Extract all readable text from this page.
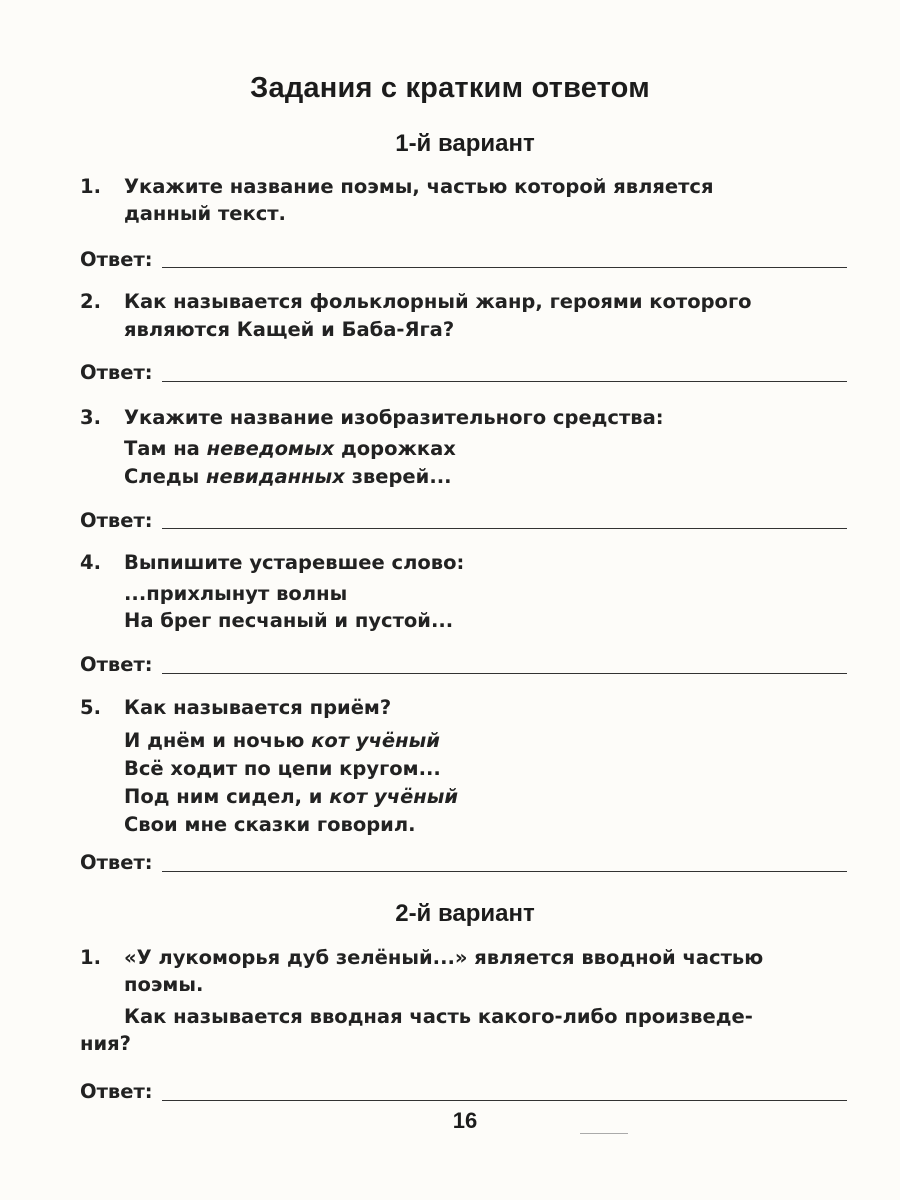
Задания с кратким ответом
1-й вариант
1. Укажите название поэмы, частью которой является
данный текст.
Ответ:
2. Как называется фольклорный жанр, героями которого
являются Кащей и Баба-Яга?
Ответ:
3. Укажите название изобразительного средства:
Там на неведомых дорожках
Следы невиданных зверей...
Ответ:
4. Выпишите устаревшее слово:
...прихлынут волны
На брег песчаный и пустой...
Ответ:
5. Как называется приём?
И днём и ночью кот учёный
Всё ходит по цепи кругом...
Под ним сидел, и кот учёный
Свои мне сказки говорил.
Ответ:
2-й вариант
1. «У лукоморья дуб зелёный...» является вводной частью
поэмы.
Как называется вводная часть какого-либо произведе-
ния?
Ответ:
16
